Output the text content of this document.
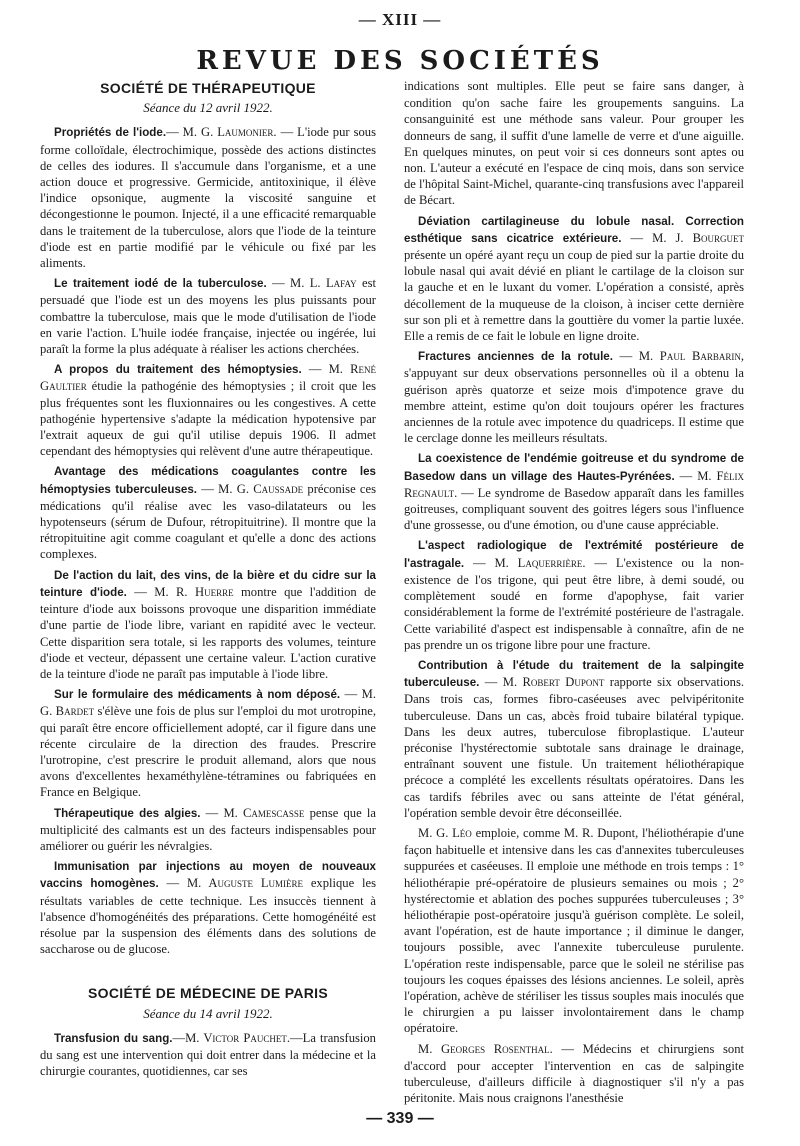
— XIII —
REVUE DES SOCIÉTÉS
SOCIÉTÉ DE THÉRAPEUTIQUE
Séance du 12 avril 1922.

Propriétés de l'iode.— M. G. Laumonier. — L'iode pur sous forme colloïdale, électrochimique, possède des actions distinctes de celles des iodures. Il s'accumule dans l'organisme, et a une action douce et progressive. Germicide, antitoxinique, il élève l'indice opsonique, augmente la viscosité sanguine et décongestionne le poumon. Injecté, il a une efficacité remarquable dans le traitement de la tuberculose, alors que l'iode de la teinture d'iode est en partie modifié par le véhicule ou fixé par les aliments.

Le traitement iodé de la tuberculose. — M. L. Lafay est persuadé que l'iode est un des moyens les plus puissants pour combattre la tuberculose, mais que le mode d'utilisation de l'iode en varie l'action. L'huile iodée française, injectée ou ingérée, lui paraît la forme la plus adéquate à réaliser les actions cherchées.

A propos du traitement des hémoptysies. — M. René Gaultier étudie la pathogénie des hémoptysies ; il croit que les plus fréquentes sont les fluxionnaires ou les congestives. A cette pathogénie hypertensive s'adapte la médication hypotensive par l'extrait aqueux de gui qu'il utilise depuis 1906. Il admet cependant des hémoptysies qui relèvent d'une autre thérapeutique.

Avantage des médications coagulantes contre les hémoptysies tuberculeuses. — M. G. Caussade préconise ces médications qu'il réalise avec les vaso-dilatateurs ou les hypotenseurs (sérum de Dufour, rétropituitrine). Il montre que la rétropituitine agit comme coagulant et qu'elle a donc des actions complexes.

De l'action du lait, des vins, de la bière et du cidre sur la teinture d'iode. — M. R. Huerre montre que l'addition de teinture d'iode aux boissons provoque une disparition immédiate d'une partie de l'iode libre, variant en rapidité avec le vecteur. Cette disparition sera totale, si les rapports des volumes, teinture d'iode et vecteur, dépassent une certaine valeur. L'action curative de la teinture d'iode ne paraît pas imputable à l'iode libre.

Sur le formulaire des médicaments à nom déposé. — M. G. Bardet s'élève une fois de plus sur l'emploi du mot urotropine, qui paraît être encore officiellement adopté, car il figure dans une récente circulaire de la direction des fraudes. Prescrire l'urotropine, c'est prescrire le produit allemand, alors que nous avons d'excellentes hexaméthylène-tétramines ou fabriquées en France en Belgique.

Thérapeutique des algies. — M. Camescasse pense que la multiplicité des calmants est un des facteurs indispensables pour améliorer ou guérir les névralgies.

Immunisation par injections au moyen de nouveaux vaccins homogènes. — M. Auguste Lumière explique les résultats variables de cette technique. Les insuccès tiennent à l'absence d'homogénéités des préparations. Cette homogénéité est résolue par la suspension des éléments dans des solutions de saccharose ou de glucose.

SOCIÉTÉ DE MÉDECINE DE PARIS
Séance du 14 avril 1922.

Transfusion du sang.—M. Victor Pauchet.—La transfusion du sang est une intervention qui doit entrer dans la médecine et la chirurgie courantes, quotidiennes, car ses

indications sont multiples. Elle peut se faire sans danger, à condition qu'on sache faire les groupements sanguins. La consanguinité est une méthode sans valeur. Pour grouper les donneurs de sang, il suffit d'une lamelle de verre et d'une aiguille. En quelques minutes, on peut voir si ces donneurs sont aptes ou non. L'auteur a exécuté en l'espace de cinq mois, dans son service de l'hôpital Saint-Michel, quarante-cinq transfusions avec l'appareil de Bécart.

Déviation cartilagineuse du lobule nasal. Correction esthétique sans cicatrice extérieure. — M. J. Bourguet présente un opéré ayant reçu un coup de pied sur la partie droite du lobule nasal qui avait dévié en pliant le cartilage de la cloison sur la gauche et en le luxant du vomer. L'opération a consisté, après décollement de la muqueuse de la cloison, à inciser cette dernière sur son pli et à remettre dans la gouttière du vomer la partie luxée. Elle a remis de ce fait le lobule en ligne droite.

Fractures anciennes de la rotule. — M. Paul Barbarin, s'appuyant sur deux observations personnelles où il a obtenu la guérison après quatorze et seize mois d'impotence grave du membre atteint, estime qu'on doit toujours opérer les fractures anciennes de la rotule avec impotence du quadriceps. Il estime que le cerclage donne les meilleurs résultats.

La coexistence de l'endémie goitreuse et du syndrome de Basedow dans un village des Hautes-Pyrénées. — M. Félix Regnault. — Le syndrome de Basedow apparaît dans les familles goitreuses, compliquant souvent des goitres légers sous l'influence d'une grossesse, ou d'une émotion, ou d'une cause appréciable.

L'aspect radiologique de l'extrémité postérieure de l'astragale. — M. Laquerrière. — L'existence ou la non-existence de l'os trigone, qui peut être libre, à demi soudé, ou complètement soudé en forme d'apophyse, fait varier considérablement la forme de l'extrémité postérieure de l'astragale. Cette variabilité d'aspect est indispensable à connaître, afin de ne pas prendre un os trigone libre pour une fracture.

Contribution à l'étude du traitement de la salpingite tuberculeuse. — M. Robert Dupont rapporte six observations. Dans trois cas, formes fibro-caséeuses avec pelvipéritonite tuberculeuse. Dans un cas, abcès froid tubaire bilatéral typique. Dans les deux autres, tuberculose fibroplastique. L'auteur préconise l'hystérectomie subtotale sans drainage le drainage, entraînant souvent une fistule. Un traitement héliothérapique précoce a complété les excellents résultats opératoires. Dans les cas tardifs fébriles avec ou sans atteinte de l'état général, l'opération semble devoir être déconseillée.

M. G. Léo emploie, comme M. R. Dupont, l'héliothérapie d'une façon habituelle et intensive dans les cas d'annexites tuberculeuses suppurées et caséeuses. Il emploie une méthode en trois temps : 1° héliothérapie pré-opératoire de plusieurs semaines ou mois ; 2° hystérectomie et ablation des poches suppurées tuberculeuses ; 3° héliothérapie post-opératoire jusqu'à guérison complète. Le soleil, avant l'opération, est de haute importance ; il diminue le danger, toujours possible, avec l'annexite tuberculeuse purulente. L'opération reste indispensable, parce que le soleil ne stérilise pas toujours les coques épaisses des lésions anciennes. Le soleil, après l'opération, achève de stériliser les tissus souples mais inoculés que le chirurgien a pu laisser involontairement dans le champ opératoire.

M. Georges Rosenthal. — Médecins et chirurgiens sont d'accord pour accepter l'intervention en cas de salpingite tuberculeuse, d'ailleurs difficile à diagnostiquer s'il n'y a pas péritonite. Mais nous craignons l'anesthésie

— 339 —
